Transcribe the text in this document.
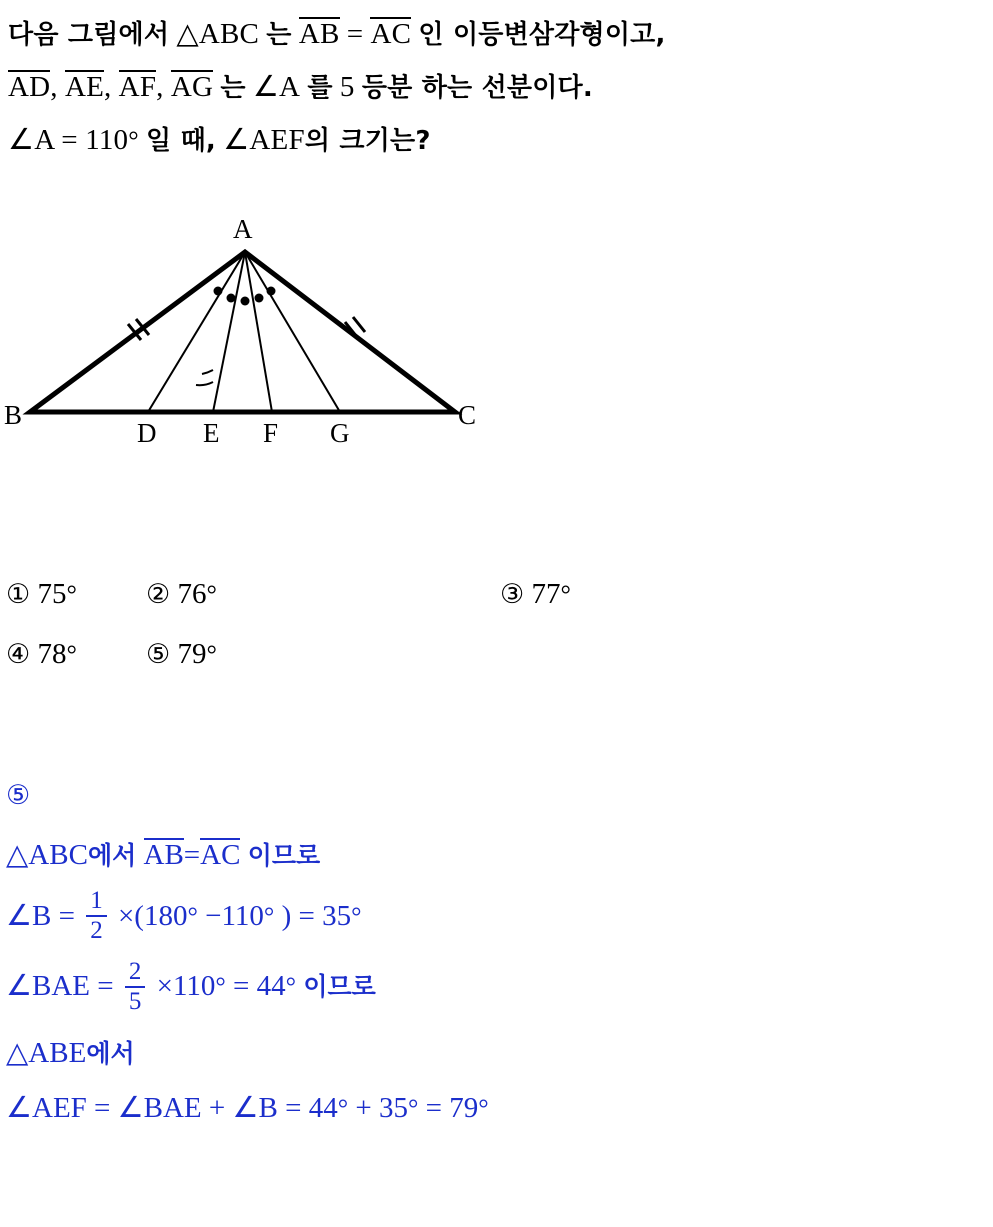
다음 그림에서 △ABC 는 AB = AC 인 이등변삼각형이고,
AD, AE, AF, AG 는 ∠A 를 5 등분 하는 선분이다.
∠A = 110° 일 때, ∠AEF의 크기는?
A
B	C
D E F G
① 75°	② 76°	③ 77°
④ 78°	⑤ 79°
⑤
△ABC에서 AB=AC 이므로
∠B = $\frac{1}{2} \times(180^\circ -110^\circ$ ) = 35°
∠BAE = $\frac{2}{5} \times 110^\circ = 44^\circ$ 이므로
△ABE에서
∠AEF = ∠BAE + ∠B = 44° + 35° = 79°
